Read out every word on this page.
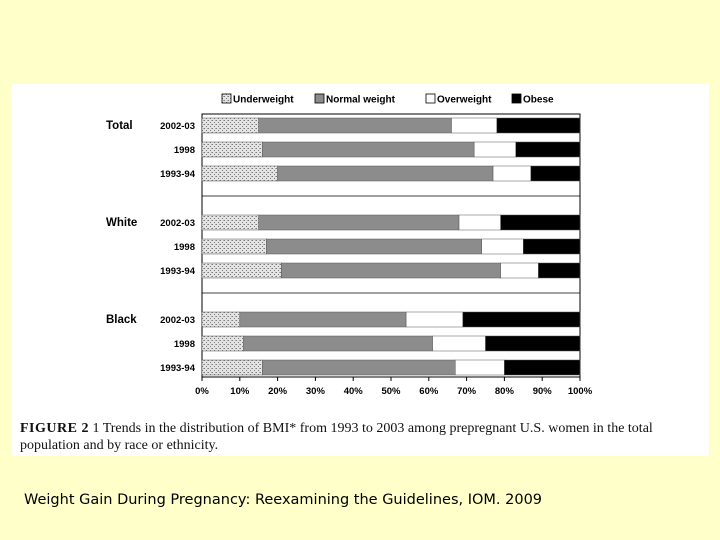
Underweight	Normal weight	Overweight	Obese
2002-03
1998
1993-94
Total
2002-03
1998
1993-94
White
2002-03
1998
1993-94
Black
0% 10% 20% 30% 40% 50% 60% 70% 80% 90% 100%
FIGURE 2 1 Trends in the distribution of BMI* from 1993 to 2003 among prepregnant U.S. women in the total population and by race or ethnicity.
Weight Gain During Pregnancy: Reexamining the Guidelines, IOM. 2009
